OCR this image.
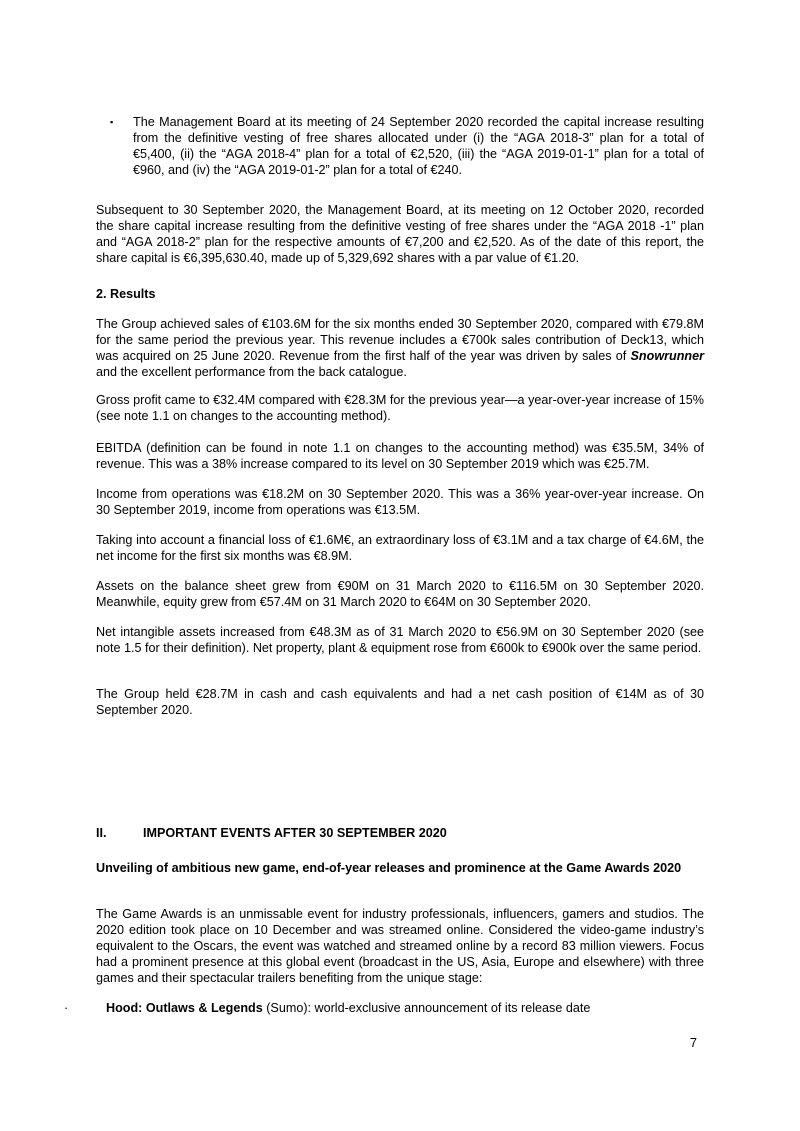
▪	The Management Board at its meeting of 24 September 2020 recorded the capital increase resulting from the definitive vesting of free shares allocated under (i) the “AGA 2018-3” plan for a total of €5,400, (ii) the “AGA 2018-4” plan for a total of €2,520, (iii) the “AGA 2019-01-1” plan for a total of €960, and (iv) the “AGA 2019-01-2” plan for a total of €240.

Subsequent to 30 September 2020, the Management Board, at its meeting on 12 October 2020, recorded the share capital increase resulting from the definitive vesting of free shares under the “AGA 2018 -1” plan and “AGA 2018-2” plan for the respective amounts of €7,200 and €2,520. As of the date of this report, the share capital is €6,395,630.40, made up of 5,329,692 shares with a par value of €1.20.

2. Results

The Group achieved sales of €103.6M for the six months ended 30 September 2020, compared with €79.8M for the same period the previous year. This revenue includes a €700k sales contribution of Deck13, which was acquired on 25 June 2020. Revenue from the first half of the year was driven by sales of Snowrunner and the excellent performance from the back catalogue.

Gross profit came to €32.4M compared with €28.3M for the previous year—a year-over-year increase of 15% (see note 1.1 on changes to the accounting method).

EBITDA (definition can be found in note 1.1 on changes to the accounting method) was €35.5M, 34% of revenue. This was a 38% increase compared to its level on 30 September 2019 which was €25.7M.

Income from operations was €18.2M on 30 September 2020. This was a 36% year-over-year increase. On 30 September 2019, income from operations was €13.5M.

Taking into account a financial loss of €1.6M€, an extraordinary loss of €3.1M and a tax charge of €4.6M, the net income for the first six months was €8.9M.

Assets on the balance sheet grew from €90M on 31 March 2020 to €116.5M on 30 September 2020. Meanwhile, equity grew from €57.4M on 31 March 2020 to €64M on 30 September 2020.

Net intangible assets increased from €48.3M as of 31 March 2020 to €56.9M on 30 September 2020 (see note 1.5 for their definition). Net property, plant & equipment rose from €600k to €900k over the same period.

The Group held €28.7M in cash and cash equivalents and had a net cash position of €14M as of 30 September 2020.

II.	IMPORTANT EVENTS AFTER 30 SEPTEMBER 2020

Unveiling of ambitious new game, end-of-year releases and prominence at the Game Awards 2020

The Game Awards is an unmissable event for industry professionals, influencers, gamers and studios. The 2020 edition took place on 10 December and was streamed online. Considered the video-game industry’s equivalent to the Oscars, the event was watched and streamed online by a record 83 million viewers. Focus had a prominent presence at this global event (broadcast in the US, Asia, Europe and elsewhere) with three games and their spectacular trailers benefiting from the unique stage:

·	Hood: Outlaws & Legends (Sumo): world-exclusive announcement of its release date

7
